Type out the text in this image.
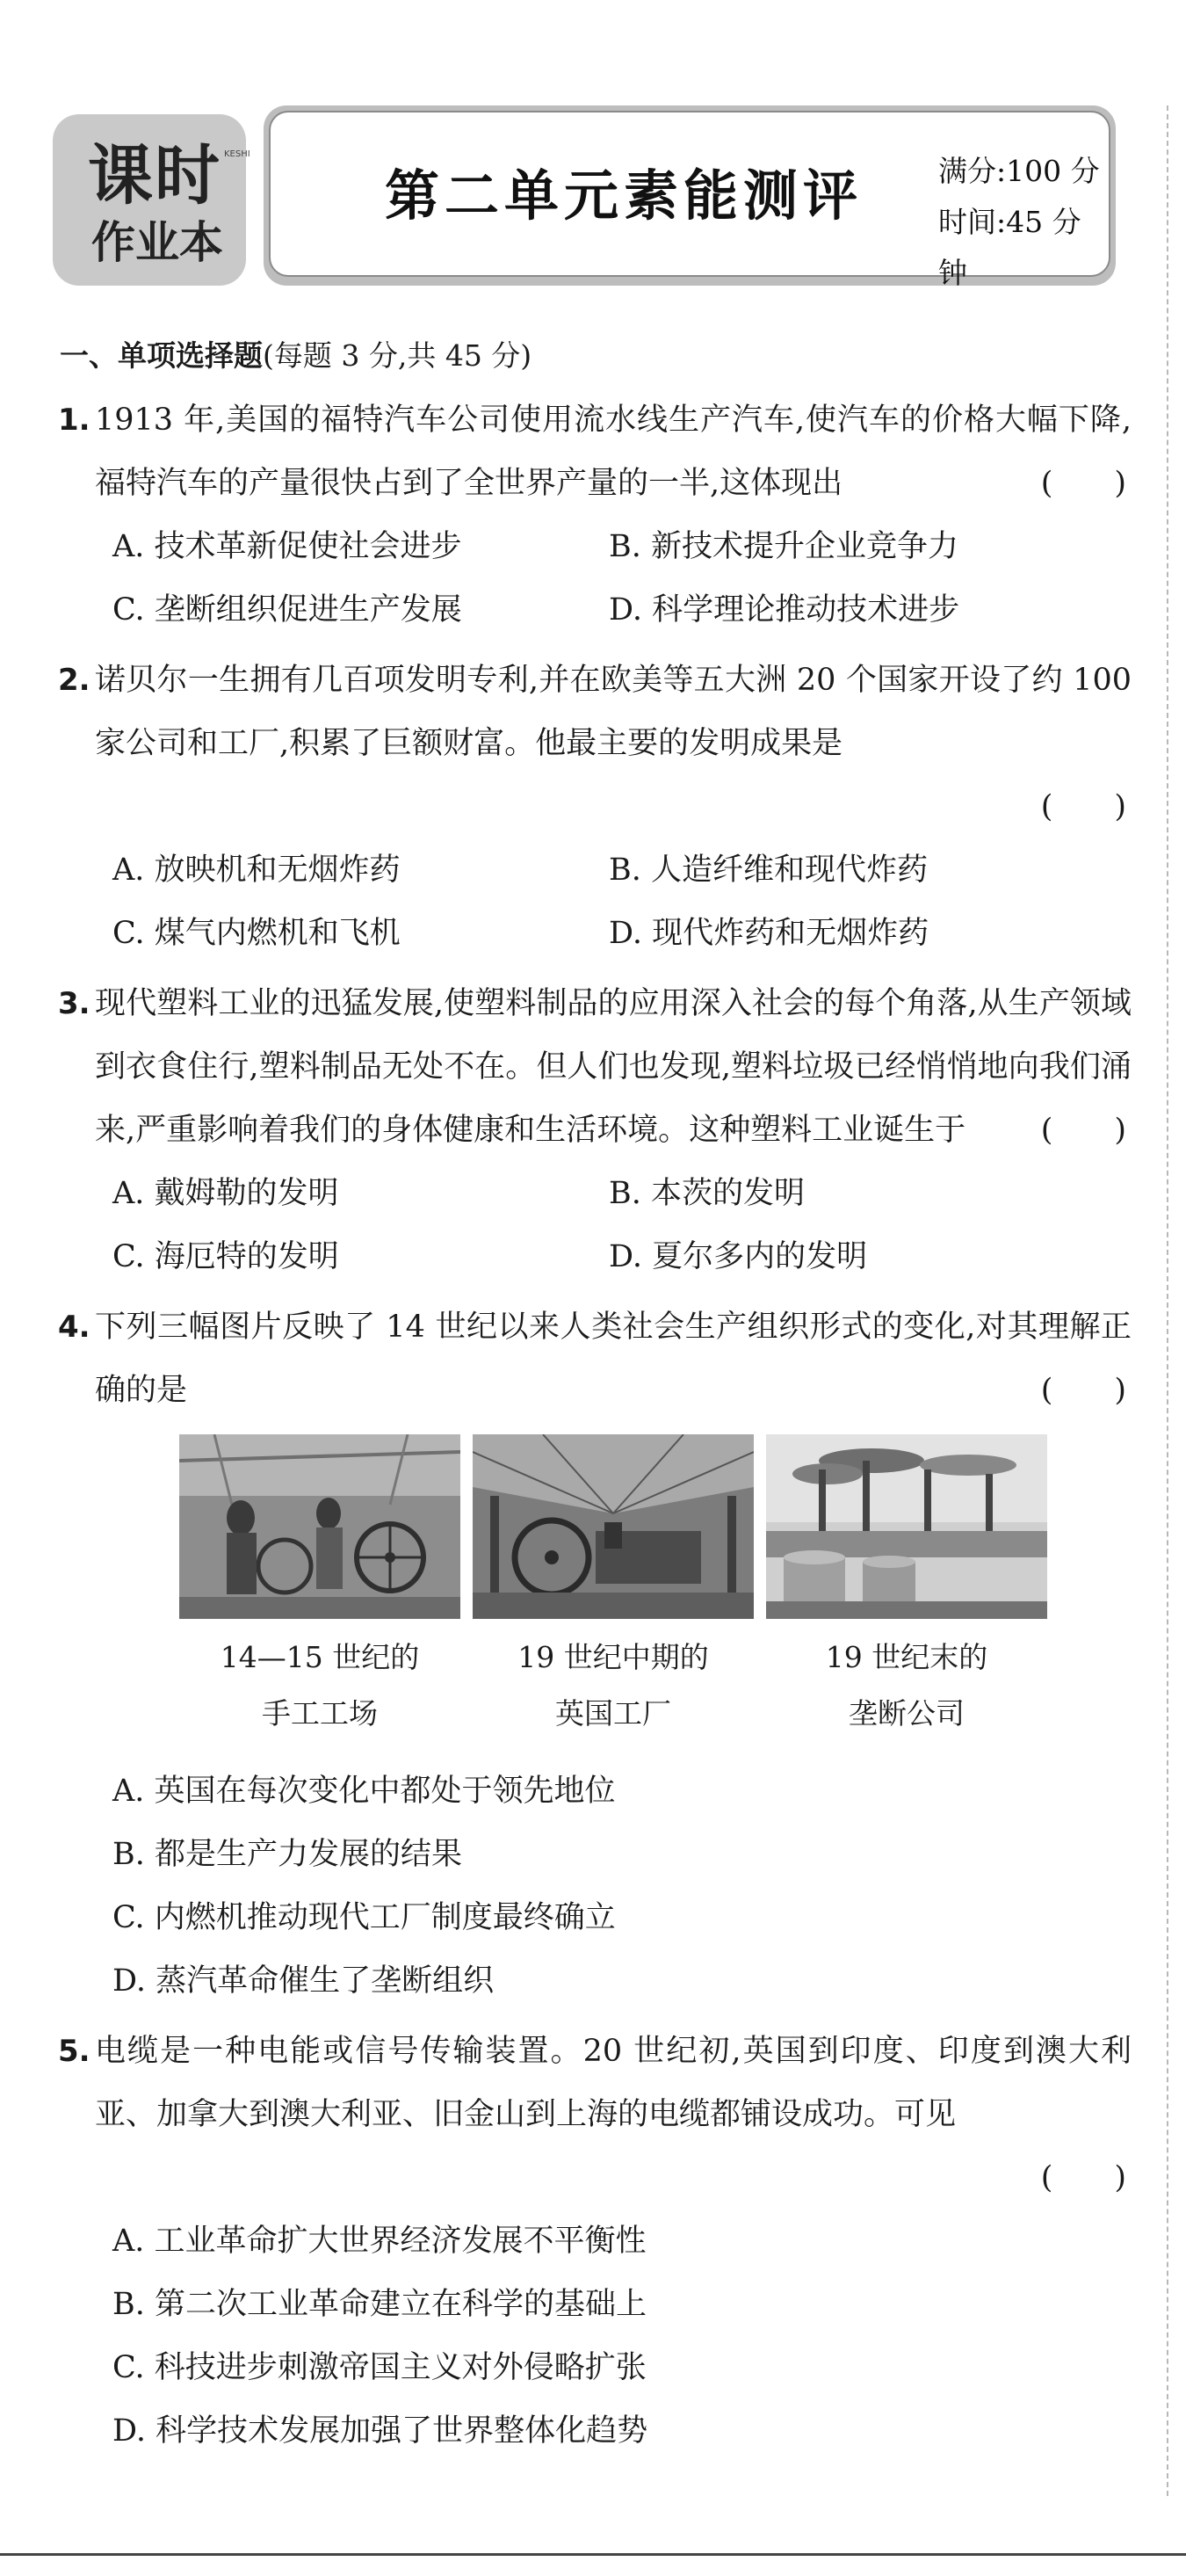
课时
作业本
KESHI
第二单元素能测评	满分:100 分
时间:45 分钟
一、单项选择题(每题 3 分,共 45 分)
1. 1913 年,美国的福特汽车公司使用流水线生产汽车,使汽车的价格大幅下降,福特汽车的产量很快占到了全世界产量的一半,这体现出	(　　)
A. 技术革新促使社会进步	B. 新技术提升企业竞争力
C. 垄断组织促进生产发展	D. 科学理论推动技术进步
2. 诺贝尔一生拥有几百项发明专利,并在欧美等五大洲 20 个国家开设了约 100 家公司和工厂,积累了巨额财富。他最主要的发明成果是
(　　)
A. 放映机和无烟炸药	B. 人造纤维和现代炸药
C. 煤气内燃机和飞机	D. 现代炸药和无烟炸药
3. 现代塑料工业的迅猛发展,使塑料制品的应用深入社会的每个角落,从生产领域到衣食住行,塑料制品无处不在。但人们也发现,塑料垃圾已经悄悄地向我们涌来,严重影响着我们的身体健康和生活环境。这种塑料工业诞生于 (　　)
A. 戴姆勒的发明	B. 本茨的发明
C. 海厄特的发明	D. 夏尔多内的发明
4. 下列三幅图片反映了 14 世纪以来人类社会生产组织形式的变化,对其理解正确的是	(　　)
14—15 世纪的
手工工场
19 世纪中期的
英国工厂
19 世纪末的
垄断公司
A. 英国在每次变化中都处于领先地位
B. 都是生产力发展的结果
C. 内燃机推动现代工厂制度最终确立
D. 蒸汽革命催生了垄断组织
5. 电缆是一种电能或信号传输装置。20 世纪初,英国到印度、印度到澳大利亚、加拿大到澳大利亚、旧金山到上海的电缆都铺设成功。可见
(　　)
A. 工业革命扩大世界经济发展不平衡性
B. 第二次工业革命建立在科学的基础上
C. 科技进步刺激帝国主义对外侵略扩张
D. 科学技术发展加强了世界整体化趋势
